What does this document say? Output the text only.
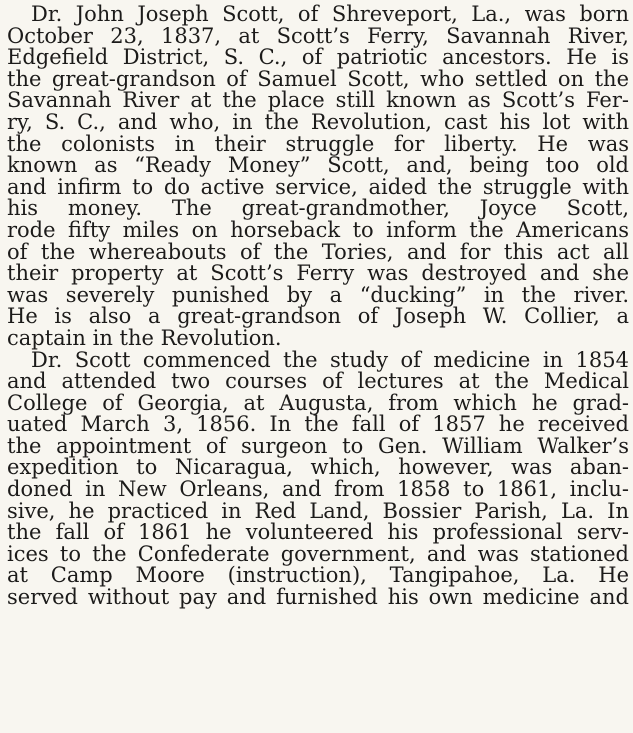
Dr. John Joseph Scott, of Shreveport, La., was born
October 23, 1837, at Scott’s Ferry, Savannah River,
Edgefield District, S. C., of patriotic ancestors. He is
the great-grandson of Samuel Scott, who settled on the
Savannah River at the place still known as Scott’s Fer-
ry, S. C., and who, in the Revolution, cast his lot with
the colonists in their struggle for liberty. He was
known as “Ready Money” Scott, and, being too old
and infirm to do active service, aided the struggle with
his money. The great-grandmother, Joyce Scott,
rode fifty miles on horseback to inform the Americans
of the whereabouts of the Tories, and for this act all
their property at Scott’s Ferry was destroyed and she
was severely punished by a “ducking” in the river.
He is also a great-grandson of Joseph W. Collier, a
captain in the Revolution.
Dr. Scott commenced the study of medicine in 1854
and attended two courses of lectures at the Medical
College of Georgia, at Augusta, from which he grad-
uated March 3, 1856. In the fall of 1857 he received
the appointment of surgeon to Gen. William Walker’s
expedition to Nicaragua, which, however, was aban-
doned in New Orleans, and from 1858 to 1861, inclu-
sive, he practiced in Red Land, Bossier Parish, La. In
the fall of 1861 he volunteered his professional serv-
ices to the Confederate government, and was stationed
at Camp Moore (instruction), Tangipahoe, La. He
served without pay and furnished his own medicine and
